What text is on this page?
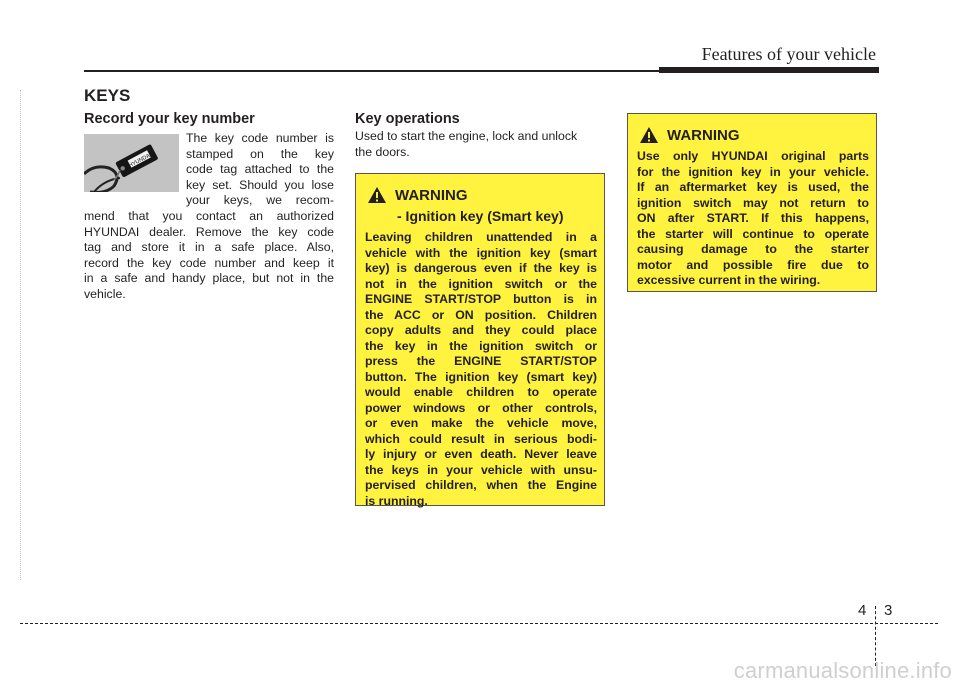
Features of your vehicle
KEYS
Record your key number
HYUNDAI

The key code number is

stamped on the key

code tag attached to the

key set. Should you lose

your keys, we recom-

mend that you contact an authorized

HYUNDAI dealer. Remove the key code

tag and store it in a safe place. Also,

record the key code number and keep it

in a safe and handy place, but not in the

vehicle.

Key operations

Used to start the engine, lock and unlock

the doors.

WARNING
- Ignition key (Smart key)

Leaving children unattended in a

vehicle with the ignition key (smart

key) is dangerous even if the key is

not in the ignition switch or the

ENGINE START/STOP button is in

the ACC or ON position. Children

copy adults and they could place

the key in the ignition switch or

press the ENGINE START/STOP

button. The ignition key (smart key)

would enable children to operate

power windows or other controls,

or even make the vehicle move,

which could result in serious bodi-

ly injury or even death. Never leave

the keys in your vehicle with unsu-

pervised children, when the Engine

is running.

WARNING

Use only HYUNDAI original parts

for the ignition key in your vehicle.

If an aftermarket key is used, the

ignition switch may not return to

ON after START. If this happens,

the starter will continue to operate

causing damage to the starter

motor and possible fire due to

excessive current in the wiring.

4 3
carmanualsonline.info
